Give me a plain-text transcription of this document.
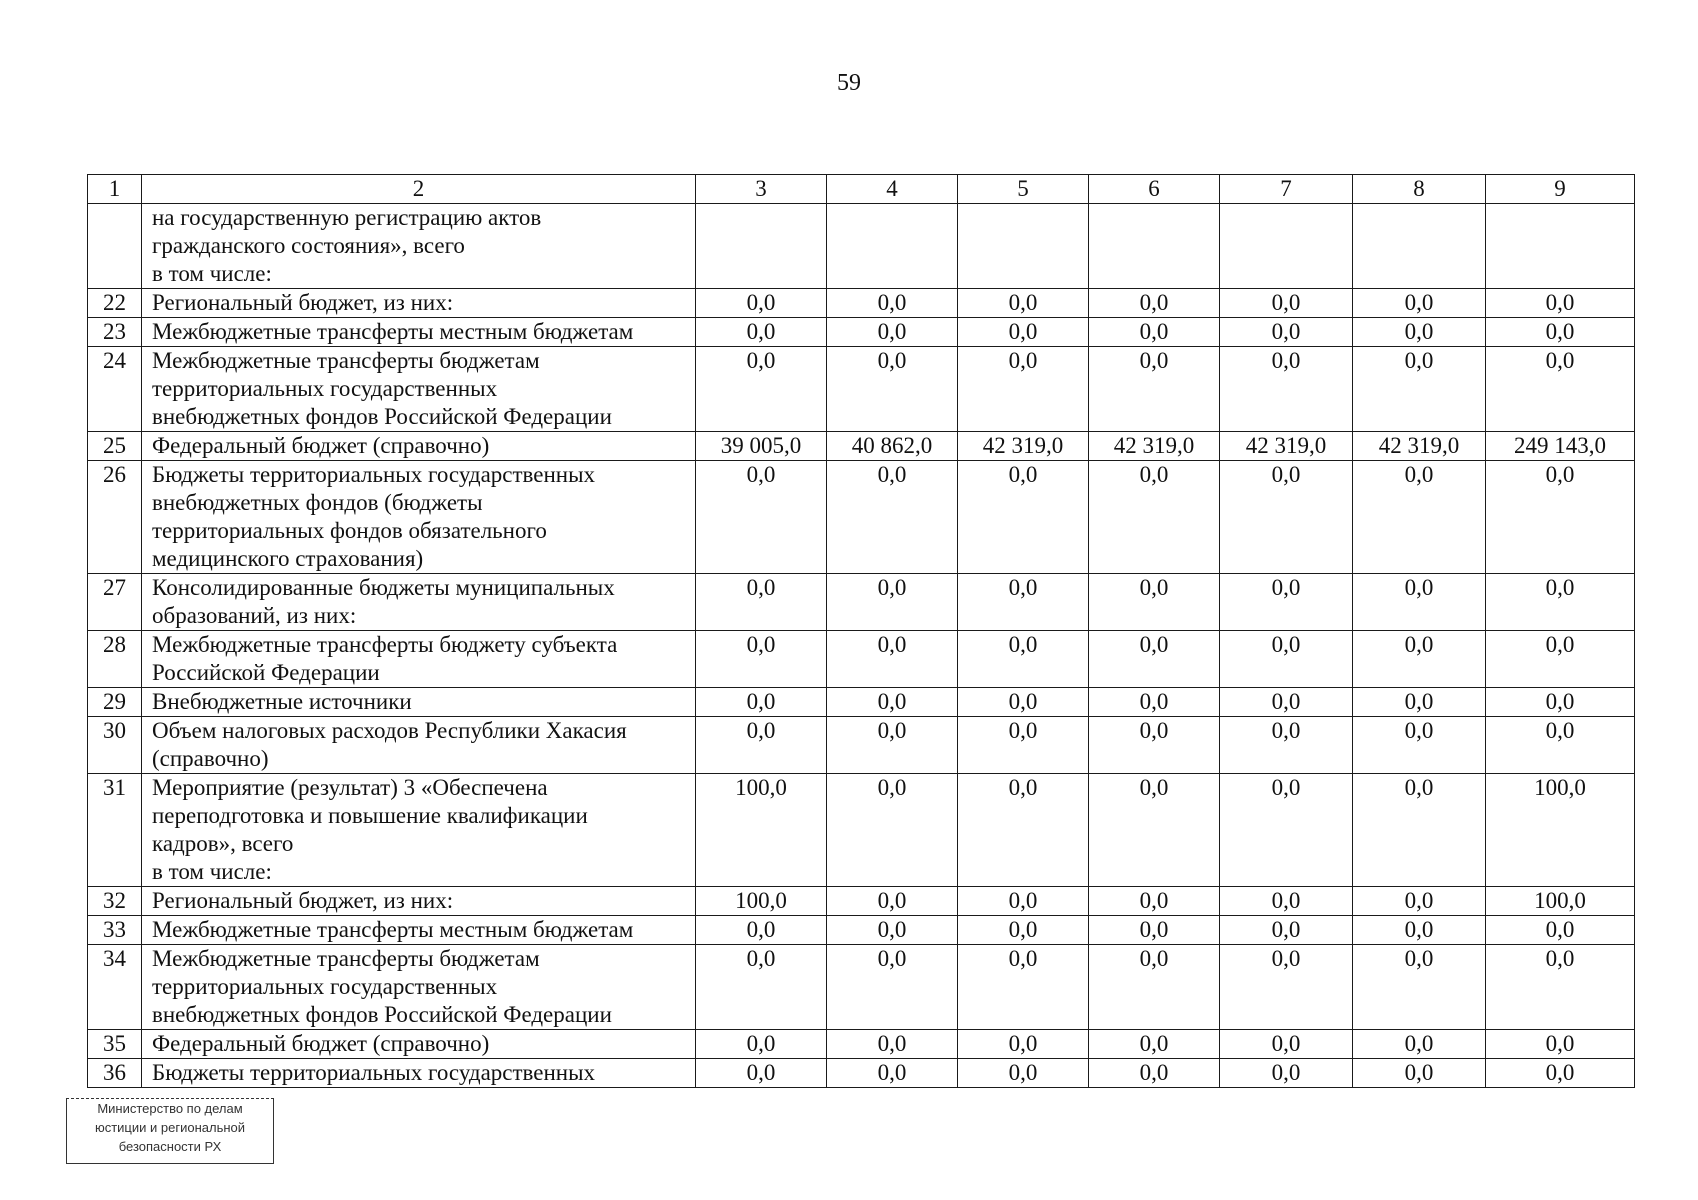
59
1	2	3	4	5	6	7	8	9

	на государственную регистрацию актов
гражданского состояния», всего
в том числе:							

22	Региональный бюджет, из них:	0,0	0,0	0,0	0,0	0,0	0,0	0,0
23	Межбюджетные трансферты местным бюджетам	0,0	0,0	0,0	0,0	0,0	0,0	0,0
24	Межбюджетные трансферты бюджетам
территориальных государственных
внебюджетных фондов Российской Федерации	0,0	0,0	0,0	0,0	0,0	0,0	0,0
25	Федеральный бюджет (справочно)	39 005,0	40 862,0	42 319,0	42 319,0	42 319,0	42 319,0	249 143,0
26	Бюджеты территориальных государственных
внебюджетных фондов (бюджеты
территориальных фондов обязательного
медицинского страхования)	0,0	0,0	0,0	0,0	0,0	0,0	0,0
27	Консолидированные бюджеты муниципальных
образований, из них:	0,0	0,0	0,0	0,0	0,0	0,0	0,0
28	Межбюджетные трансферты бюджету субъекта
Российской Федерации	0,0	0,0	0,0	0,0	0,0	0,0	0,0
29	Внебюджетные источники	0,0	0,0	0,0	0,0	0,0	0,0	0,0
30	Объем налоговых расходов Республики Хакасия
(справочно)	0,0	0,0	0,0	0,0	0,0	0,0	0,0
31	Мероприятие (результат) 3 «Обеспечена
переподготовка и повышение квалификации
кадров», всего
в том числе:	100,0	0,0	0,0	0,0	0,0	0,0	100,0
32	Региональный бюджет, из них:	100,0	0,0	0,0	0,0	0,0	0,0	100,0
33	Межбюджетные трансферты местным бюджетам	0,0	0,0	0,0	0,0	0,0	0,0	0,0
34	Межбюджетные трансферты бюджетам
территориальных государственных
внебюджетных фондов Российской Федерации	0,0	0,0	0,0	0,0	0,0	0,0	0,0
35	Федеральный бюджет (справочно)	0,0	0,0	0,0	0,0	0,0	0,0	0,0
36	Бюджеты территориальных государственных	0,0	0,0	0,0	0,0	0,0	0,0	0,0
Министерство по делам
юстиции и региональной
безопасности РХ
